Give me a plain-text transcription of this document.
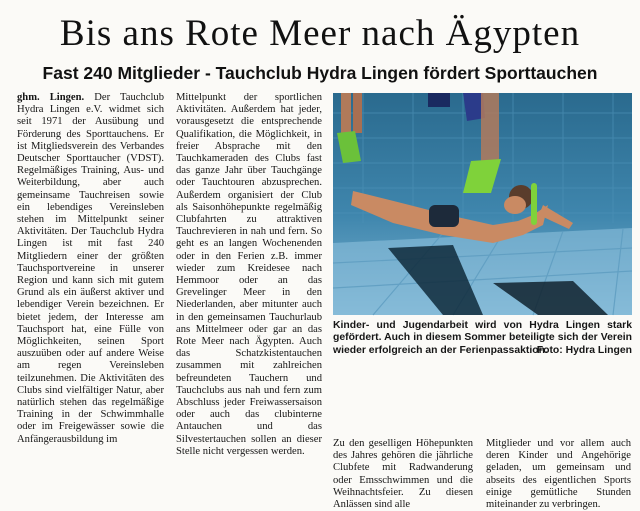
Bis ans Rote Meer nach Ägypten
Fast 240 Mitglieder - Tauchclub Hydra Lingen fördert Sporttauchen

ghm. Lingen. Der Tauchclub Hydra Lingen e.V. widmet sich seit 1971 der Ausübung und Förderung des Sporttauchens. Er ist Mitgliedsverein des Verbandes Deutscher Sporttaucher (VDST). Regelmäßiges Training, Aus- und Weiterbildung, aber auch gemeinsame Tauchreisen sowie ein lebendiges Vereinsleben stehen im Mittelpunkt seiner Aktivitäten. Der Tauchclub Hydra Lingen ist mit fast 240 Mitgliedern einer der größten Tauchsportvereine in unserer Region und kann sich mit gutem Grund als ein äußerst aktiver und lebendiger Verein bezeichnen. Er bietet jedem, der Interesse am Tauchsport hat, eine Fülle von Möglichkeiten, seinen Sport auszuüben oder auf andere Weise am regen Vereinsleben teilzunehmen. Die Aktivitäten des Clubs sind vielfältiger Natur, aber natürlich stehen das regelmäßige Training in der Schwimmhalle oder im Freigewässer sowie die Anfängerausbildung im

Mittelpunkt der sportlichen Aktivitäten. Außerdem hat jeder, vorausgesetzt die entsprechende Qualifikation, die Möglichkeit, in freier Absprache mit den Tauchkameraden des Clubs fast das ganze Jahr über Tauchgänge oder Tauchtouren abzusprechen. Außerdem organisiert der Club als Saisonhöhepunkte regelmäßig Clubfahrten zu attraktiven Tauchrevieren in nah und fern. So geht es an langen Wochenenden oder in den Ferien z.B. immer wieder zum Kreidesee nach Hemmoor oder an das Grevelinger Meer in den Niederlanden, aber mitunter auch in den gemeinsamen Tauchurlaub ans Mittelmeer oder gar an das Rote Meer nach Ägypten. Auch das Schatzkistentauchen zusammen mit zahlreichen befreundeten Tauchern und Tauchclubs aus nah und fern zum Abschluss jeder Freiwassersaison oder auch das clubinterne Antauchen und das Silvestertauchen sollen an dieser Stelle nicht vergessen werden.

Kinder- und Jugendarbeit wird von Hydra Lingen stark gefördert. Auch in diesem Sommer beteiligte sich der Verein wieder erfolgreich an der Ferienpassaktion.
Foto: Hydra Lingen

Zu den geselligen Höhepunkten des Jahres gehören die jährliche Clubfete mit Radwanderung oder Emsschwimmen und die Weihnachtsfeier. Zu diesen Anlässen sind alle

Mitglieder und vor allem auch deren Kinder und Angehörige geladen, um gemeinsam und abseits des eigentlichen Sports einige gemütliche Stunden miteinander zu verbringen.
